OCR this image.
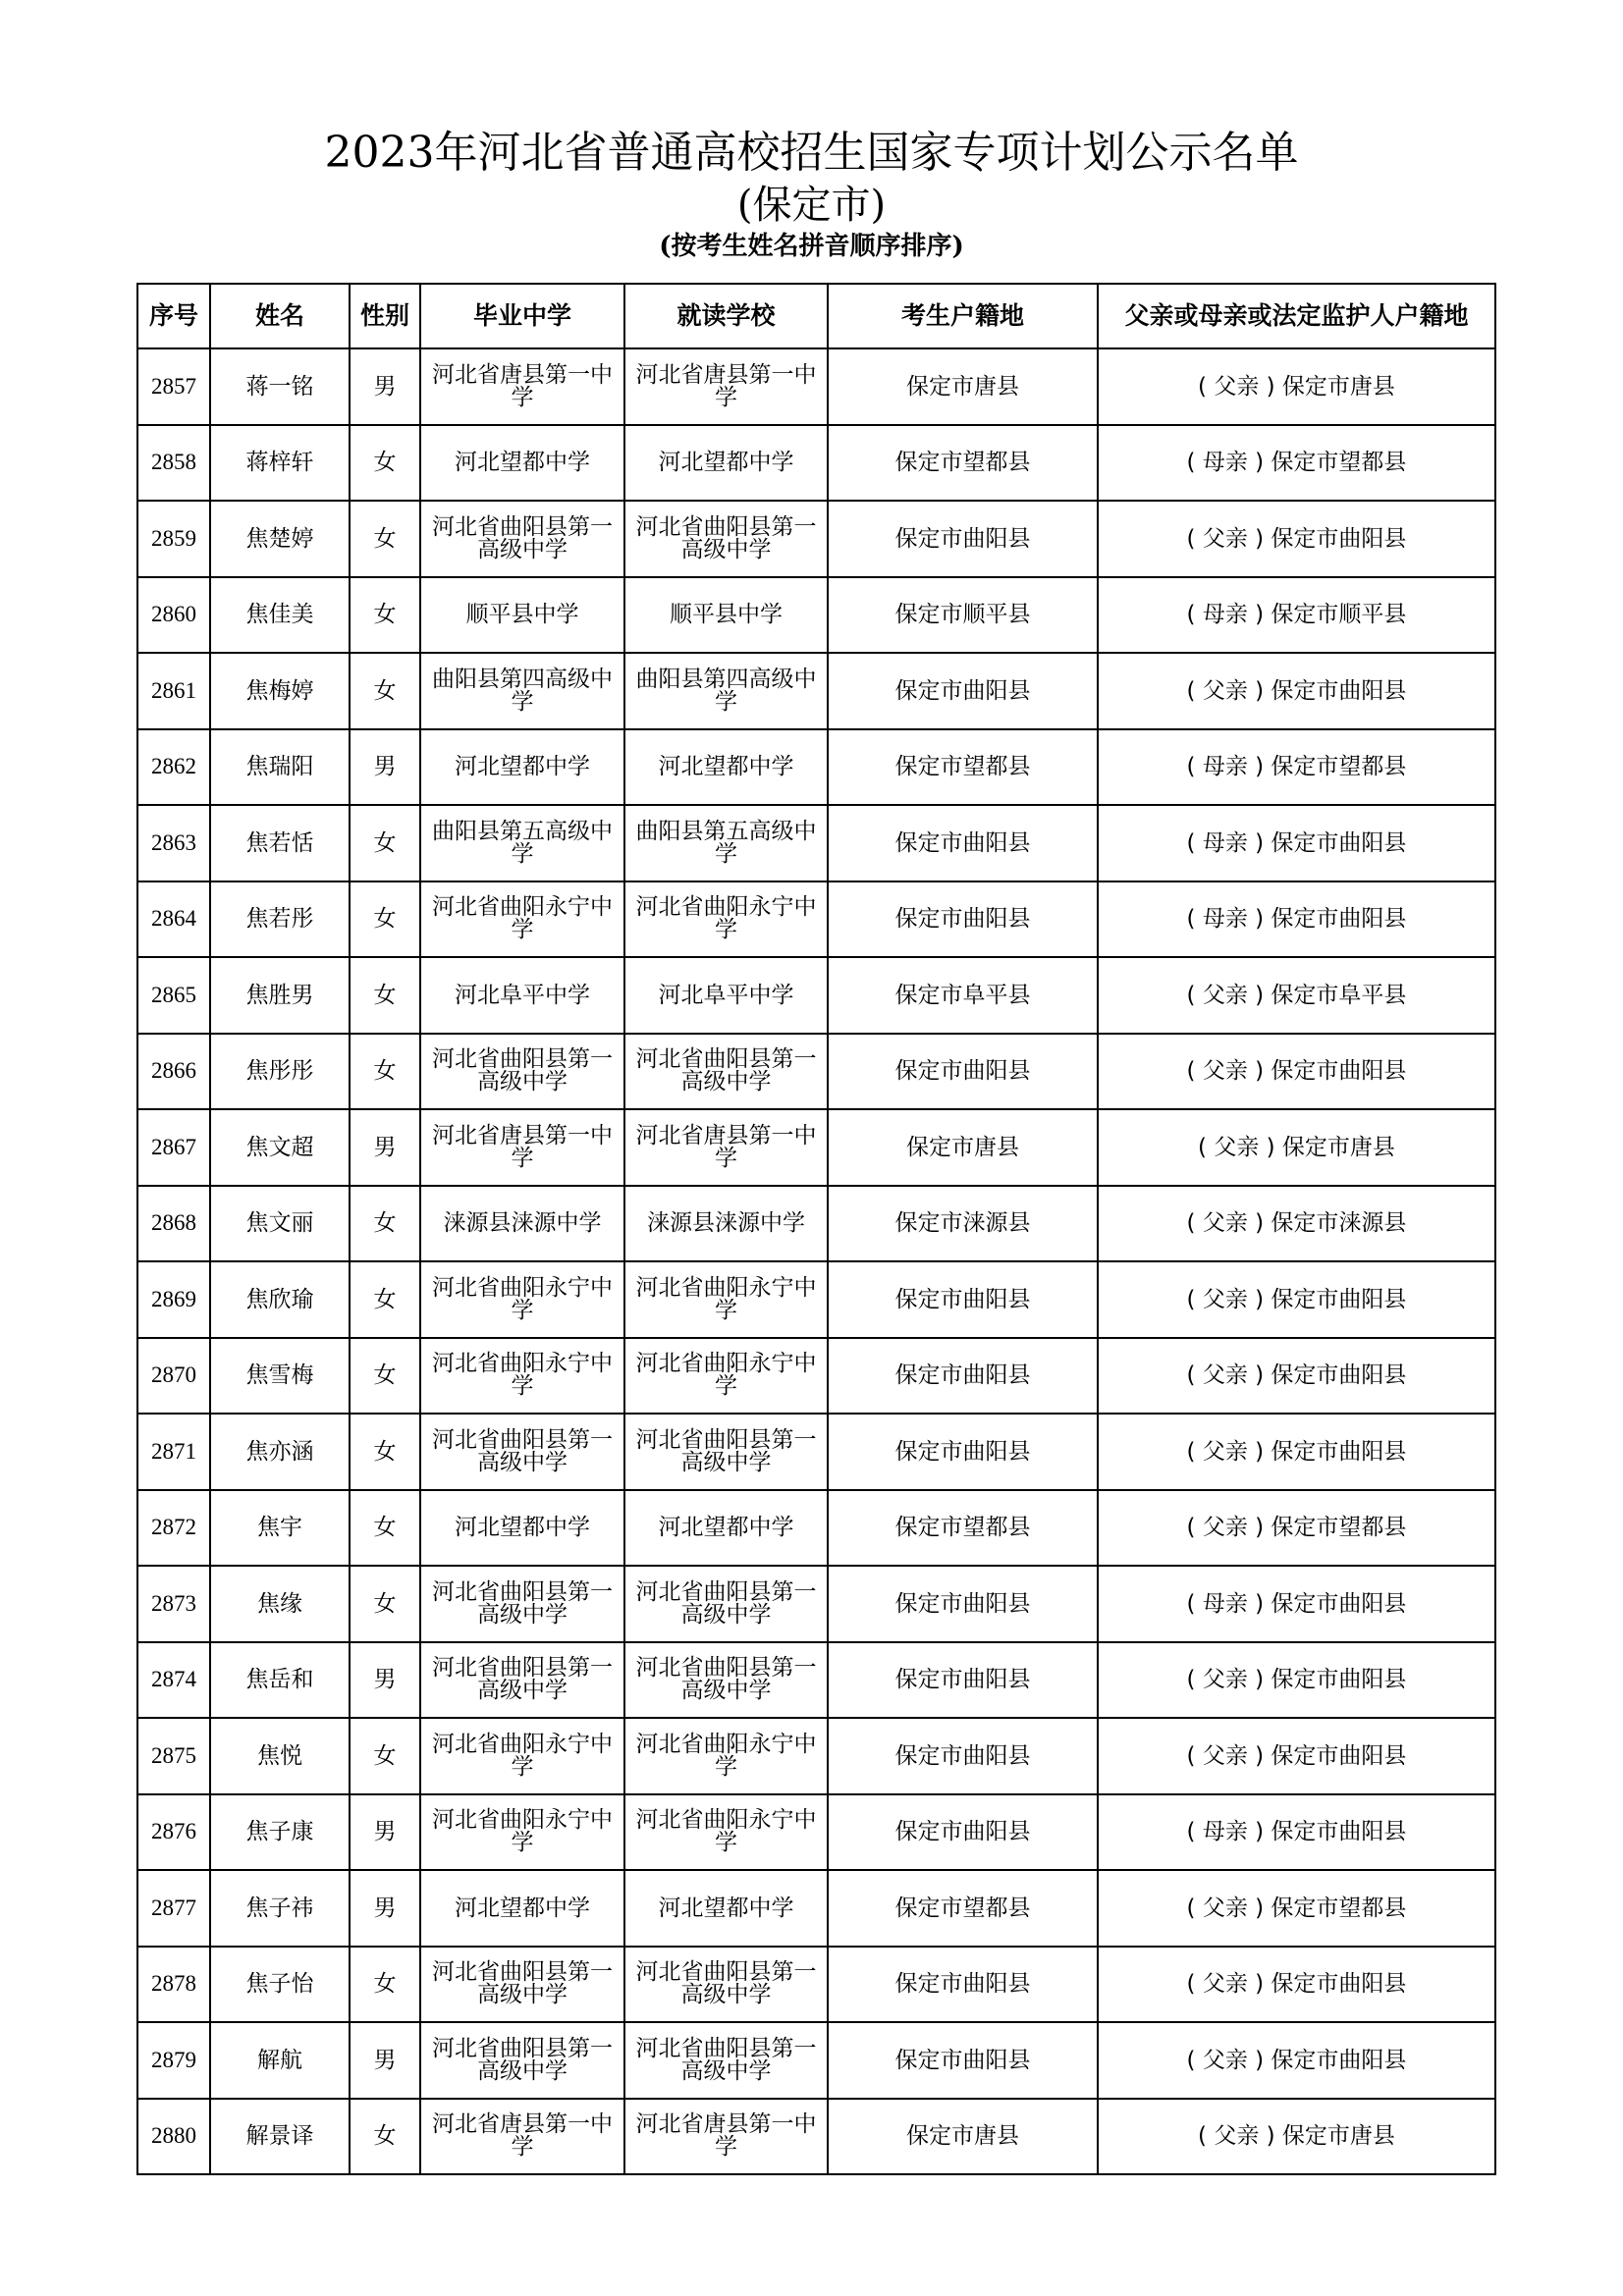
2023年河北省普通高校招生国家专项计划公示名单
(保定市)
(按考生姓名拼音顺序排序)
序号	姓名	性别	毕业中学	就读学校	考生户籍地	父亲或母亲或法定监护人户籍地
2857	蒋一铭	男	河北省唐县第一中学	河北省唐县第一中学	保定市唐县	( 父亲 ) 保定市唐县
2858	蒋梓轩	女	河北望都中学	河北望都中学	保定市望都县	( 母亲 ) 保定市望都县
2859	焦楚婷	女	河北省曲阳县第一高级中学	河北省曲阳县第一高级中学	保定市曲阳县	( 父亲 ) 保定市曲阳县
2860	焦佳美	女	顺平县中学	顺平县中学	保定市顺平县	( 母亲 ) 保定市顺平县
2861	焦梅婷	女	曲阳县第四高级中学	曲阳县第四高级中学	保定市曲阳县	( 父亲 ) 保定市曲阳县
2862	焦瑞阳	男	河北望都中学	河北望都中学	保定市望都县	( 母亲 ) 保定市望都县
2863	焦若恬	女	曲阳县第五高级中学	曲阳县第五高级中学	保定市曲阳县	( 母亲 ) 保定市曲阳县
2864	焦若彤	女	河北省曲阳永宁中学	河北省曲阳永宁中学	保定市曲阳县	( 母亲 ) 保定市曲阳县
2865	焦胜男	女	河北阜平中学	河北阜平中学	保定市阜平县	( 父亲 ) 保定市阜平县
2866	焦彤彤	女	河北省曲阳县第一高级中学	河北省曲阳县第一高级中学	保定市曲阳县	( 父亲 ) 保定市曲阳县
2867	焦文超	男	河北省唐县第一中学	河北省唐县第一中学	保定市唐县	( 父亲 ) 保定市唐县
2868	焦文丽	女	涞源县涞源中学	涞源县涞源中学	保定市涞源县	( 父亲 ) 保定市涞源县
2869	焦欣瑜	女	河北省曲阳永宁中学	河北省曲阳永宁中学	保定市曲阳县	( 父亲 ) 保定市曲阳县
2870	焦雪梅	女	河北省曲阳永宁中学	河北省曲阳永宁中学	保定市曲阳县	( 父亲 ) 保定市曲阳县
2871	焦亦涵	女	河北省曲阳县第一高级中学	河北省曲阳县第一高级中学	保定市曲阳县	( 父亲 ) 保定市曲阳县
2872	焦宇	女	河北望都中学	河北望都中学	保定市望都县	( 父亲 ) 保定市望都县
2873	焦缘	女	河北省曲阳县第一高级中学	河北省曲阳县第一高级中学	保定市曲阳县	( 母亲 ) 保定市曲阳县
2874	焦岳和	男	河北省曲阳县第一高级中学	河北省曲阳县第一高级中学	保定市曲阳县	( 父亲 ) 保定市曲阳县
2875	焦悦	女	河北省曲阳永宁中学	河北省曲阳永宁中学	保定市曲阳县	( 父亲 ) 保定市曲阳县
2876	焦子康	男	河北省曲阳永宁中学	河北省曲阳永宁中学	保定市曲阳县	( 母亲 ) 保定市曲阳县
2877	焦子祎	男	河北望都中学	河北望都中学	保定市望都县	( 父亲 ) 保定市望都县
2878	焦子怡	女	河北省曲阳县第一高级中学	河北省曲阳县第一高级中学	保定市曲阳县	( 父亲 ) 保定市曲阳县
2879	解航	男	河北省曲阳县第一高级中学	河北省曲阳县第一高级中学	保定市曲阳县	( 父亲 ) 保定市曲阳县
2880	解景译	女	河北省唐县第一中学	河北省唐县第一中学	保定市唐县	( 父亲 ) 保定市唐县
